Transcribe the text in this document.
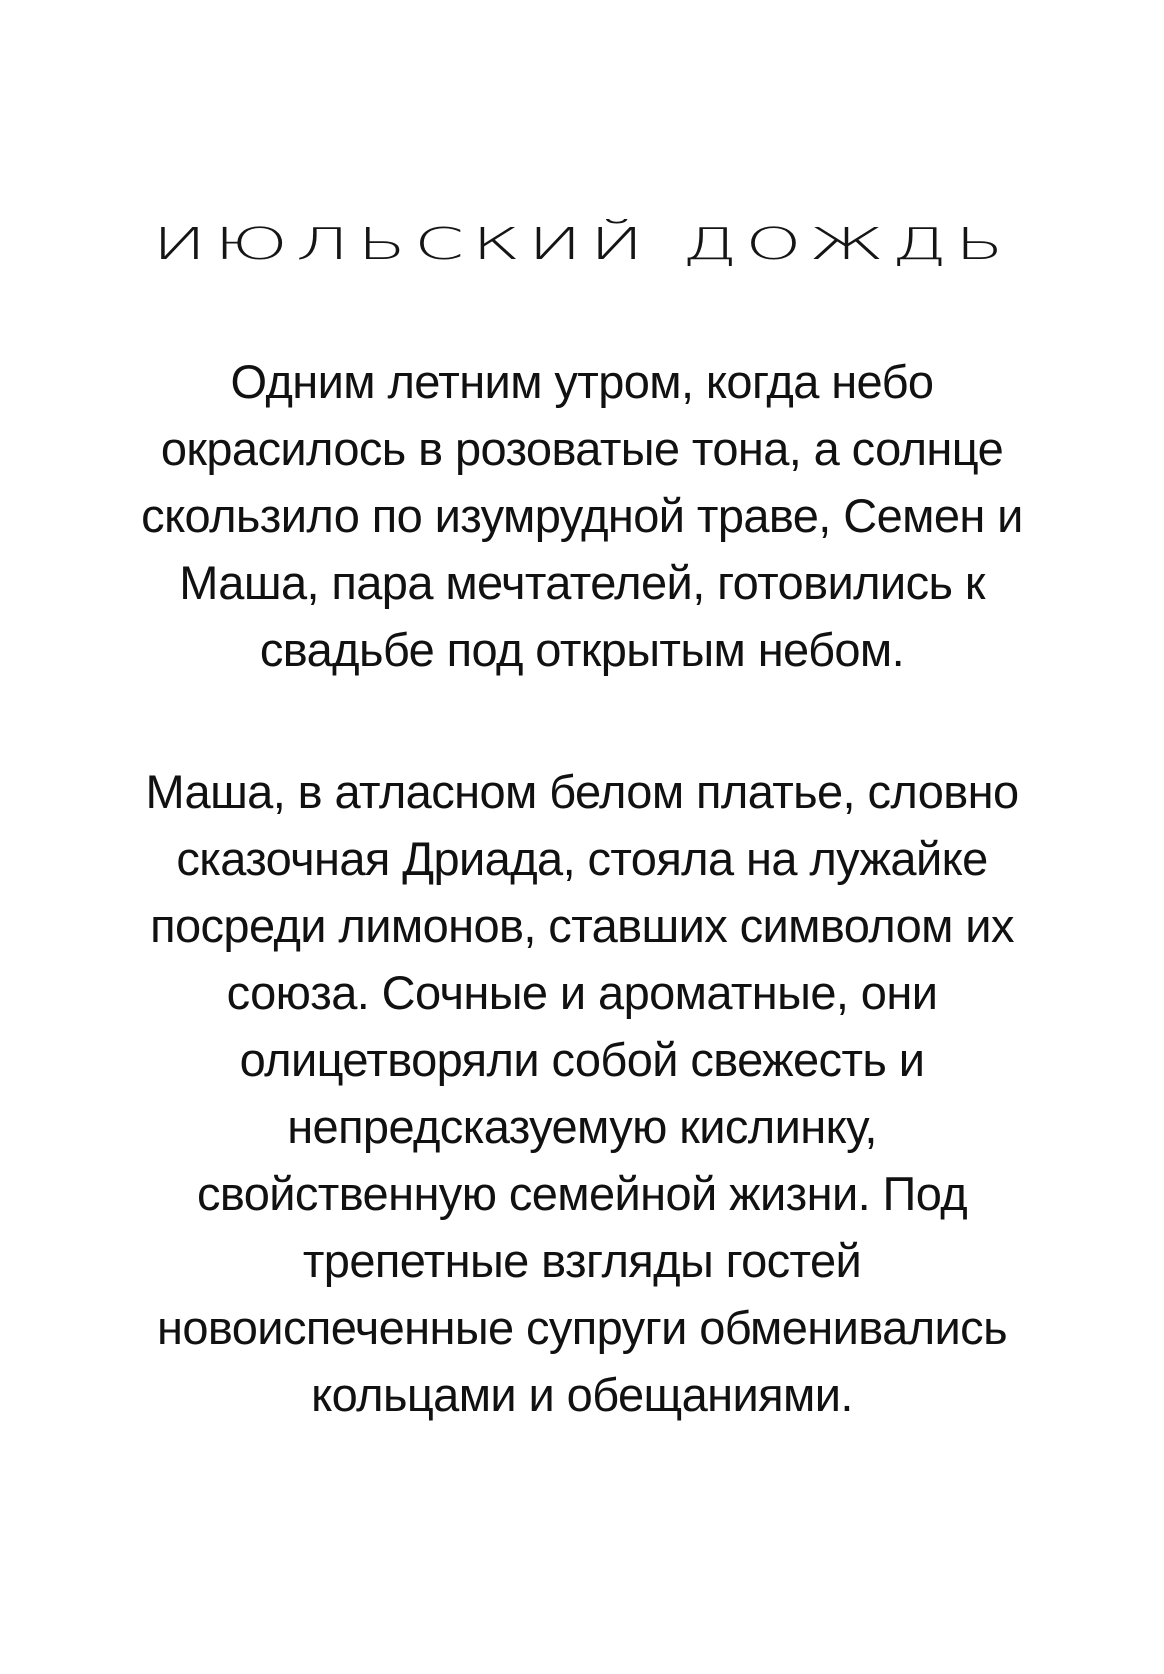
ИЮЛЬСКИЙ ДОЖДЬ

Одним летним утром, когда небо
окрасилось в розоватые тона, а солнце
скользило по изумрудной траве, Семен и
Маша, пара мечтателей, готовились к
свадьбе под открытым небом.

Маша, в атласном белом платье, словно
сказочная Дриада, стояла на лужайке
посреди лимонов, ставших символом их
союза. Сочные и ароматные, они
олицетворяли собой свежесть и
непредсказуемую кислинку,
свойственную семейной жизни. Под
трепетные взгляды гостей
новоиспеченные супруги обменивались
кольцами и обещаниями.
